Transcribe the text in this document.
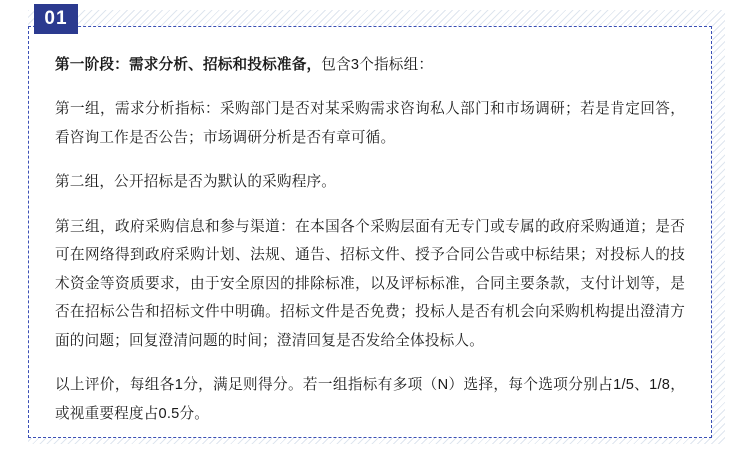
01

第一阶段：需求分析、招标和投标准备，包含3个指标组：

第一组，需求分析指标：采购部门是否对某采购需求咨询私人部门和市场调研；若是肯定回答，看咨询工作是否公告；市场调研分析是否有章可循。

第二组，公开招标是否为默认的采购程序。

第三组，政府采购信息和参与渠道：在本国各个采购层面有无专门或专属的政府采购通道；是否可在网络得到政府采购计划、法规、通告、招标文件、授予合同公告或中标结果；对投标人的技术资金等资质要求，由于安全原因的排除标准，以及评标标准，合同主要条款，支付计划等，是否在招标公告和招标文件中明确。招标文件是否免费；投标人是否有机会向采购机构提出澄清方面的问题；回复澄清问题的时间；澄清回复是否发给全体投标人。

以上评价，每组各1分，满足则得分。若一组指标有多项（N）选择，每个选项分别占1/5、1/8，或视重要程度占0.5分。
